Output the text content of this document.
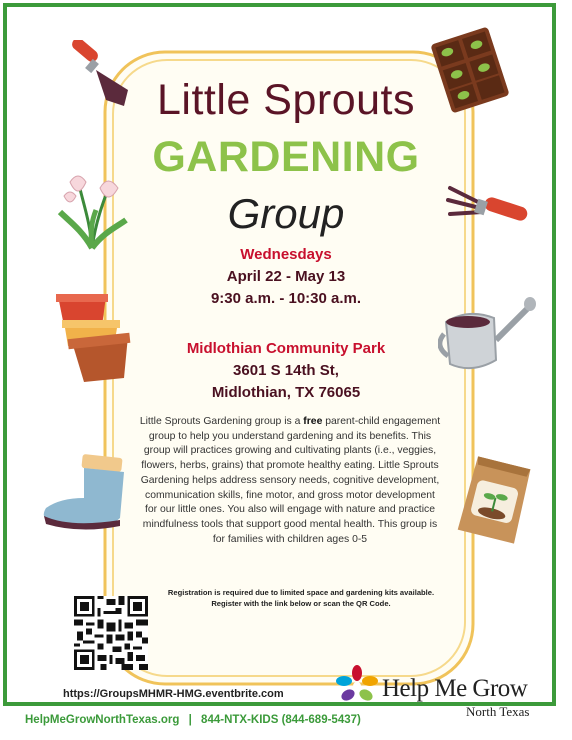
Little Sprouts
GARDENING
Group
Wednesdays
April 22 - May 13
9:30 a.m. - 10:30 a.m.
Midlothian Community Park
3601 S 14th St,
Midlothian, TX 76065
Little Sprouts Gardening group is a free parent-child engagement group to help you understand gardening and its benefits. This group will practices growing and cultivating plants (i.e., veggies, flowers, herbs, grains) that promote healthy eating. Little Sprouts Gardening helps address sensory needs, cognitive development, communication skills, fine motor, and gross motor development for our little ones. You also will engage with nature and practice mindfulness tools that support good mental health. This group is for families with children ages 0-5
Registration is required due to limited space and gardening kits available. Register with the link below or scan the QR Code.
https://GroupsMHMR-HMG.eventbrite.com	Help Me Grow
North Texas
HelpMeGrowNorthTexas.org | 844-NTX-KIDS (844-689-5437)
